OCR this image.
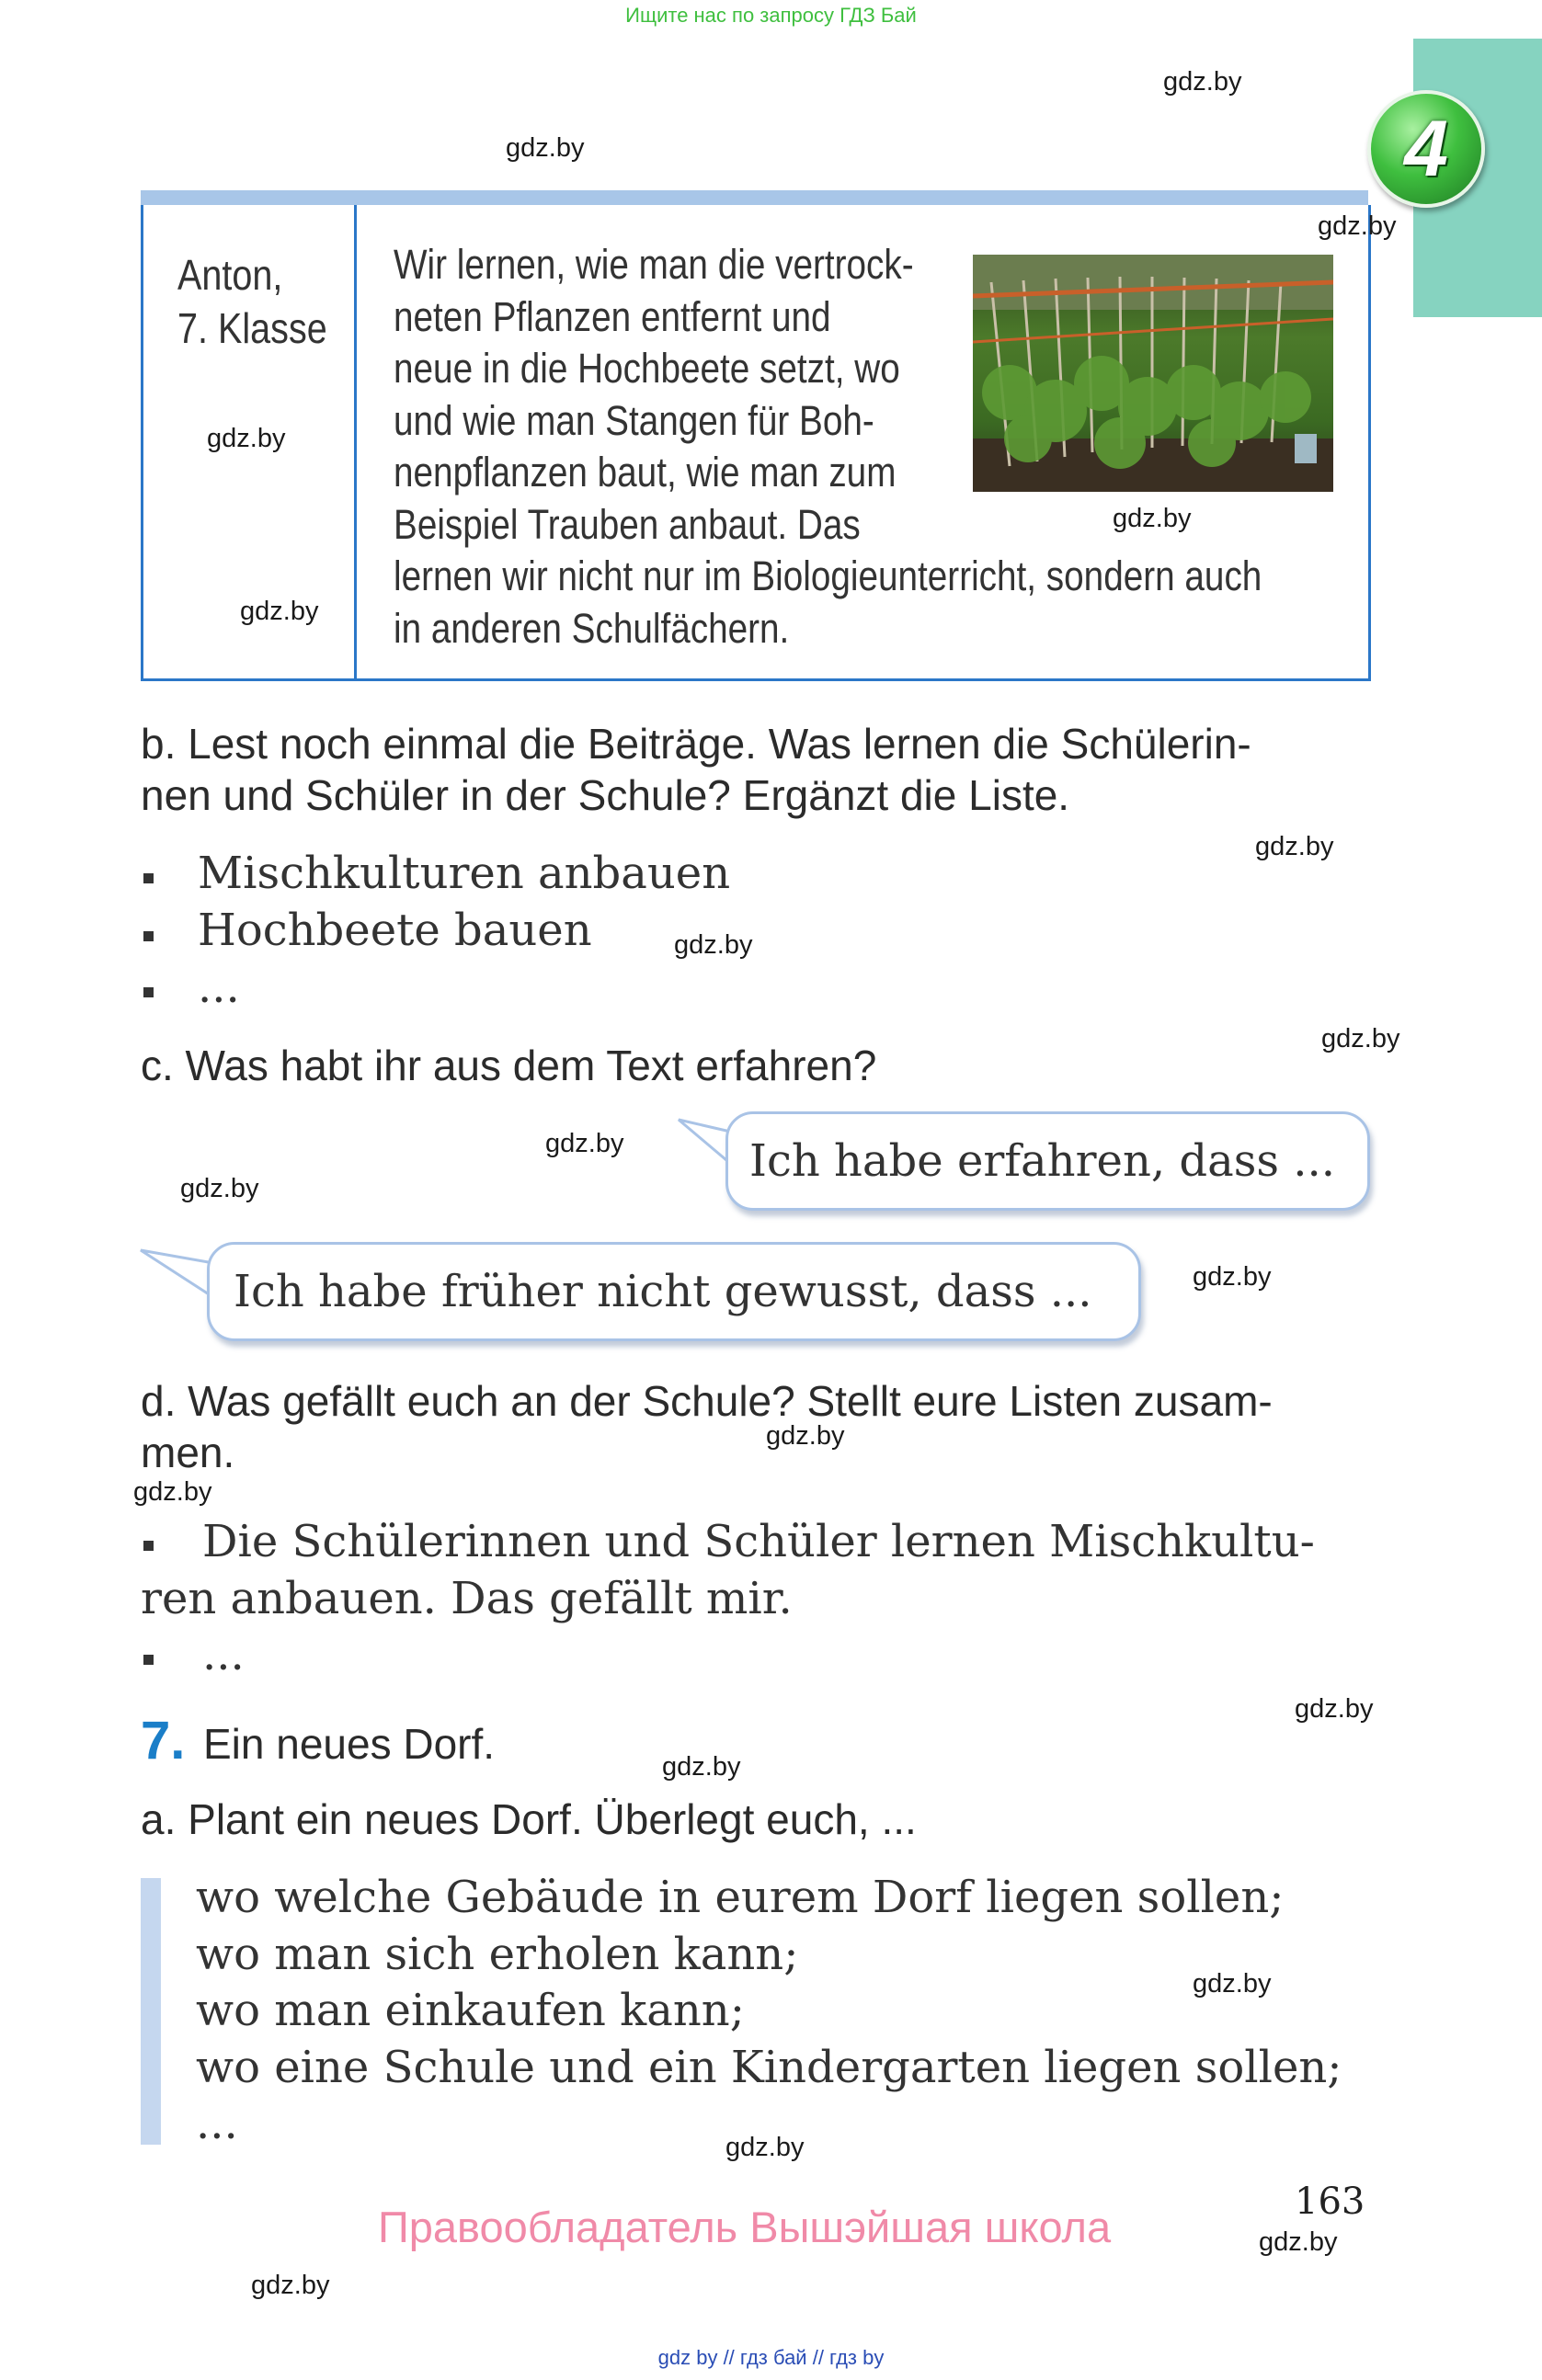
Ищите нас по запросу ГДЗ Бай
4
Anton,
7. Klasse
Wir lernen, wie man die vertrock-
neten Pflanzen entfernt und
neue in die Hochbeete setzt, wo
und wie man Stangen für Boh-
nenpflanzen baut, wie man zum
Beispiel Trauben anbaut. Das
lernen wir nicht nur im Biologieunterricht, sondern auch
in anderen Schulfächern.
b. Lest noch einmal die Beiträge. Was lernen die Schülerin-
nen und Schüler in der Schule? Ergänzt die Liste.
Mischkulturen anbauen
Hochbeete bauen
...
c. Was habt ihr aus dem Text erfahren?
Ich habe erfahren, dass ...
Ich habe früher nicht gewusst, dass ...
d. Was gefällt euch an der Schule? Stellt eure Listen zusam-
men.
Die Schülerinnen und Schüler lernen Mischkultu-
ren anbauen. Das gefällt mir.
...
7. Ein neues Dorf.
a. Plant ein neues Dorf. Überlegt euch, ...
wo welche Gebäude in eurem Dorf liegen sollen;
wo man sich erholen kann;
wo man einkaufen kann;
wo eine Schule und ein Kindergarten liegen sollen;
...
gdz.by
gdz.by
gdz.by
gdz.by
gdz.by
gdz.by
gdz.by
gdz.by
gdz.by
gdz.by
gdz.by
gdz.by
gdz.by
gdz.by
gdz.by
gdz.by
gdz.by
gdz.by
gdz.by
gdz.by
Правообладатель Вышэйшая школа
163
gdz by // гдз бай // гдз by
